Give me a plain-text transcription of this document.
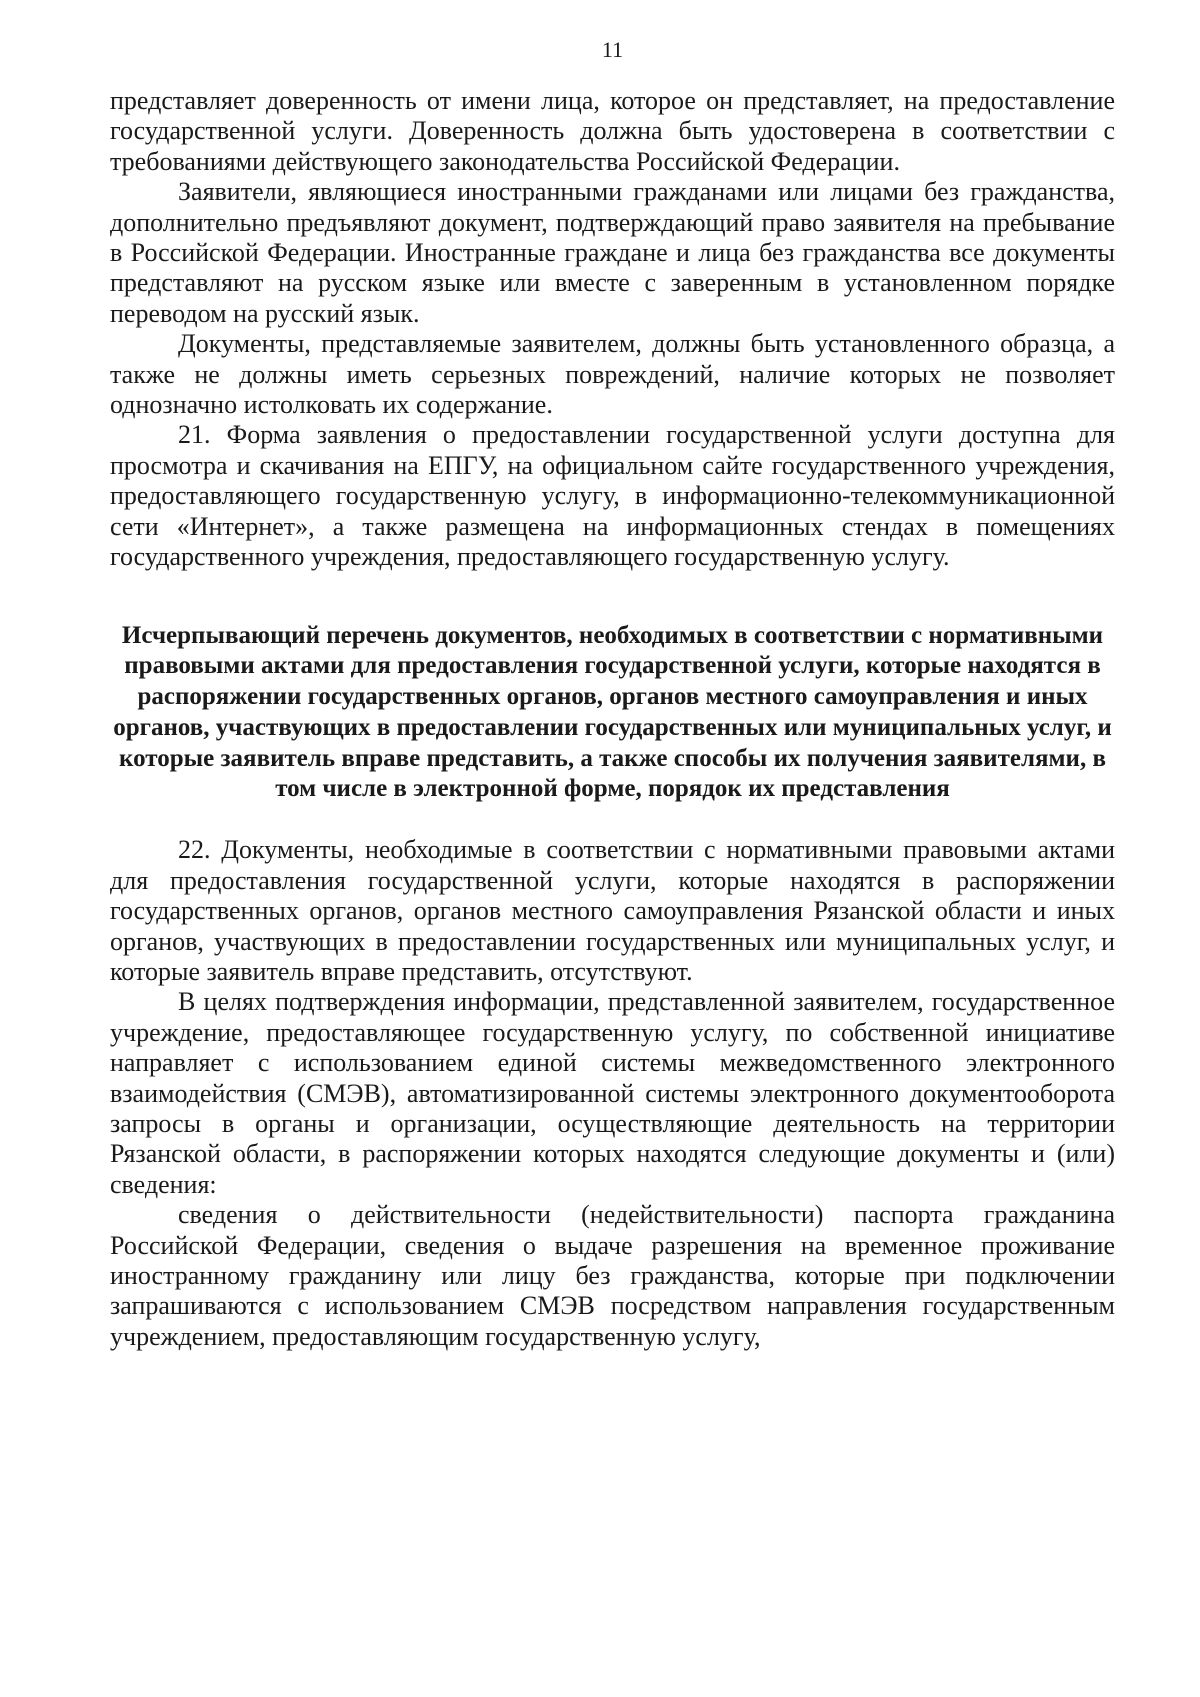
11

представляет доверенность от имени лица, которое он представляет, на предоставление государственной услуги. Доверенность должна быть удостоверена в соответствии с требованиями действующего законодательства Российской Федерации.

Заявители, являющиеся иностранными гражданами или лицами без гражданства, дополнительно предъявляют документ, подтверждающий право заявителя на пребывание в Российской Федерации. Иностранные граждане и лица без гражданства все документы представляют на русском языке или вместе с заверенным в установленном порядке переводом на русский язык.

Документы, представляемые заявителем, должны быть установленного образца, а также не должны иметь серьезных повреждений, наличие которых не позволяет однозначно истолковать их содержание.

21. Форма заявления о предоставлении государственной услуги доступна для просмотра и скачивания на ЕПГУ, на официальном сайте государственного учреждения, предоставляющего государственную услугу, в информационно-телекоммуникационной сети «Интернет», а также размещена на информационных стендах в помещениях государственного учреждения, предоставляющего государственную услугу.

Исчерпывающий перечень документов, необходимых в соответствии с нормативными правовыми актами для предоставления государственной услуги, которые находятся в распоряжении государственных органов, органов местного самоуправления и иных органов, участвующих в предоставлении государственных или муниципальных услуг, и которые заявитель вправе представить, а также способы их получения заявителями, в том числе в электронной форме, порядок их представления

22. Документы, необходимые в соответствии с нормативными правовыми актами для предоставления государственной услуги, которые находятся в распоряжении государственных органов, органов местного самоуправления Рязанской области и иных органов, участвующих в предоставлении государственных или муниципальных услуг, и которые заявитель вправе представить, отсутствуют.

В целях подтверждения информации, представленной заявителем, государственное учреждение, предоставляющее государственную услугу, по собственной инициативе направляет с использованием единой системы межведомственного электронного взаимодействия (СМЭВ), автоматизированной системы электронного документооборота запросы в органы и организации, осуществляющие деятельность на территории Рязанской области, в распоряжении которых находятся следующие документы и (или) сведения:

сведения о действительности (недействительности) паспорта гражданина Российской Федерации, сведения о выдаче разрешения на временное проживание иностранному гражданину или лицу без гражданства, которые при подключении запрашиваются с использованием СМЭВ посредством направления государственным учреждением, предоставляющим государственную услугу,
